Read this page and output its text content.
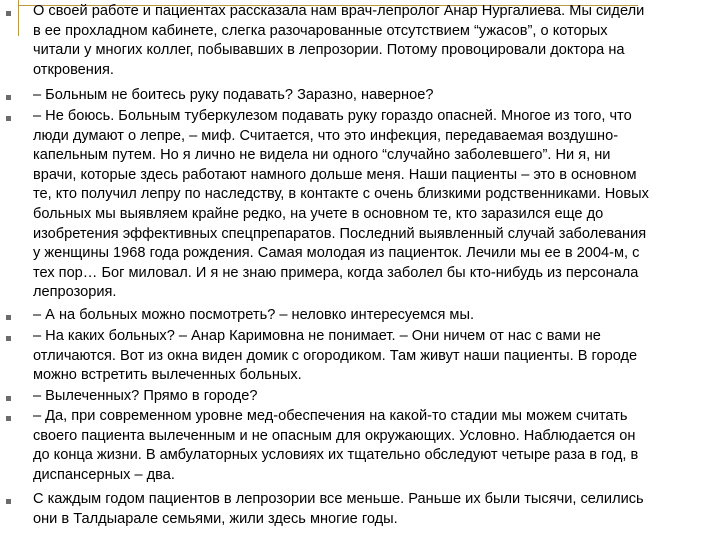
О своей работе и пациентах рассказала нам врач-лепролог Анар Нургалиева. Мы сидели
в ее прохладном кабинете, слегка разочарованные отсутствием “ужасов”, о которых
читали у многих коллег, побывавших в лепрозории. Потому провоцировали доктора на
откровения.
– Больным не боитесь руку подавать? Заразно, наверное?
– Не боюсь. Больным туберкулезом подавать руку гораздо опасней. Многое из того, что
люди думают о лепре, – миф. Считается, что это инфекция, передаваемая воздушно-
капельным путем. Но я лично не видела ни одного “случайно заболевшего”. Ни я, ни
врачи, которые здесь работают намного дольше меня. Наши пациенты – это в основном
те, кто получил лепру по наследству, в контакте с очень близкими родственниками. Новых
больных мы выявляем крайне редко, на учете в основном те, кто заразился еще до
изобретения эффективных спецпрепаратов. Последний выявленный случай заболевания
у женщины 1968 года рождения. Самая молодая из пациенток. Лечили мы ее в 2004-м, с
тех пор… Бог миловал. И я не знаю примера, когда заболел бы кто-нибудь из персонала
лепрозория.
– А на больных можно посмотреть? – неловко интересуемся мы.
– На каких больных? – Анар Каримовна не понимает. – Они ничем от нас с вами не
отличаются. Вот из окна виден домик с огородиком. Там живут наши пациенты. В городе
можно встретить вылеченных больных.
– Вылеченных? Прямо в городе?
– Да, при современном уровне мед-обеспечения на какой-то стадии мы можем считать
своего пациента вылеченным и не опасным для окружающих. Условно. Наблюдается он
до конца жизни. В амбулаторных условиях их тщательно обследуют четыре раза в год, в
диспансерных – два.
С каждым годом пациентов в лепрозории все меньше. Раньше их были тысячи, селились
они в Талдыарале семьями, жили здесь многие годы.
